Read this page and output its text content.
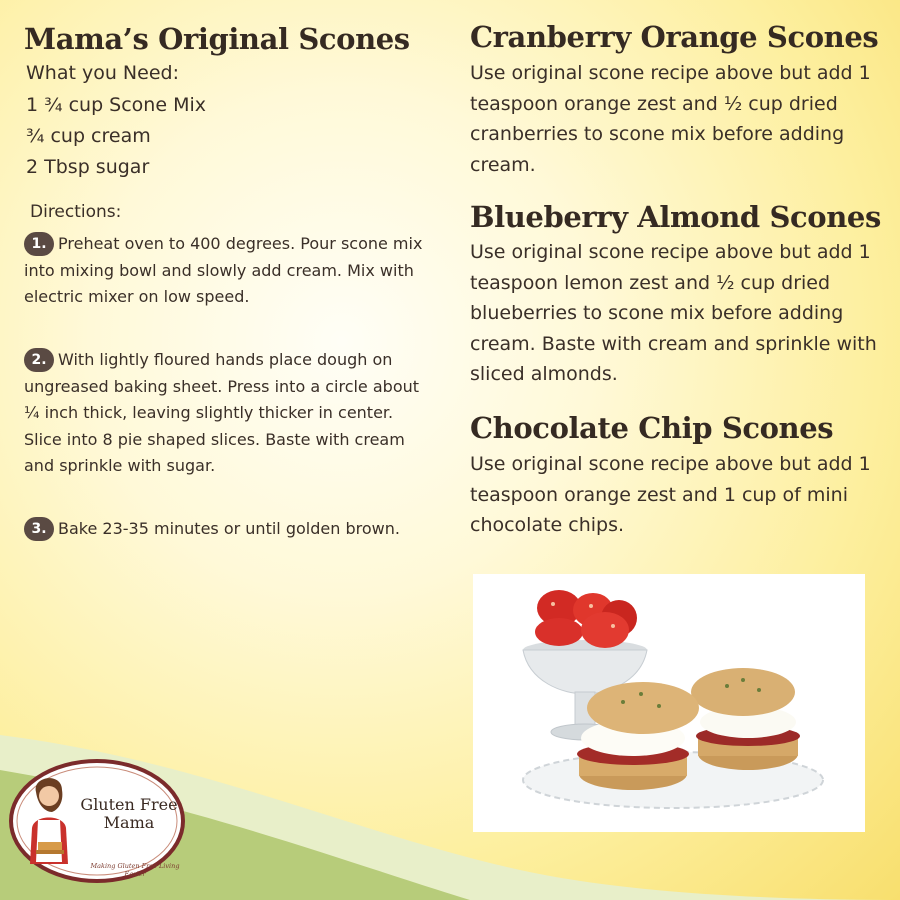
Mama’s Original Scones
What you Need:
1 ¾ cup Scone Mix
¾ cup cream
2 Tbsp sugar
Directions:
1. Preheat oven to 400 degrees. Pour scone mix into mixing bowl and slowly add cream. Mix with electric mixer on low speed.
2. With lightly floured hands place dough on ungreased baking sheet. Press into a circle about ¼ inch thick, leaving slightly thicker in center. Slice into 8 pie shaped slices. Baste with cream and sprinkle with sugar.
3. Bake 23-35 minutes or until golden brown.
Cranberry Orange Scones

Use original scone recipe above but add 1 teaspoon orange zest and ½ cup dried cranberries to scone mix before adding cream.

Blueberry Almond Scones

Use original scone recipe above but add 1 teaspoon lemon zest and ½ cup dried blueberries to scone mix before adding cream. Baste with cream and sprinkle with sliced almonds.

Chocolate Chip Scones

Use original scone recipe above but add 1 teaspoon orange zest and 1 cup of mini chocolate chips.

Gluten Free
Mama
Making Gluten Free Living Easier
